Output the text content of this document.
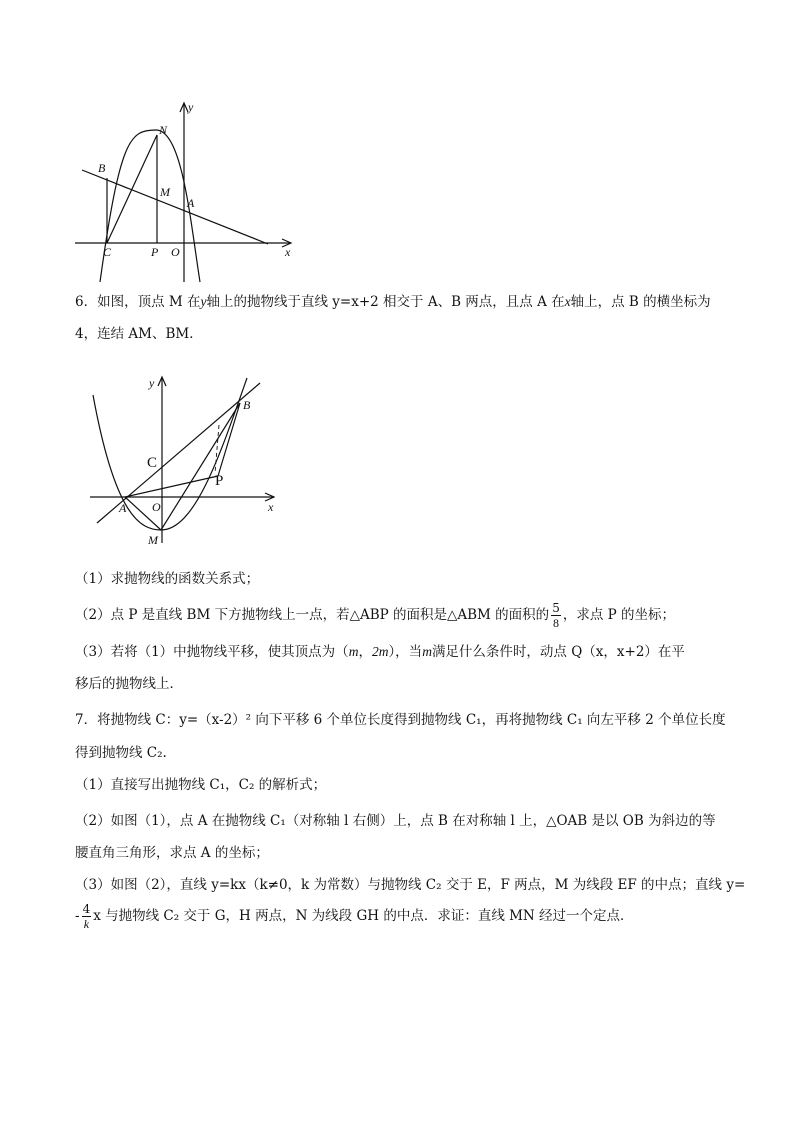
y
x
N
B
M
A
C	P O
6．如图，顶点 M 在y轴上的抛物线于直线 y=x+2 相交于 A、B 两点，且点 A 在x轴上，点 B 的横坐标为
4，连结 AM、BM．
y
x
B
C
P
A O
M
（1）求抛物线的函数关系式；
（2）点 P 是直线 BM 下方抛物线上一点，若△ABP 的面积是△ABM 的面积的 $\frac{5}{8}$ ，求点 P 的坐标；
（3）若将（1）中抛物线平移，使其顶点为（m，2m），当m满足什么条件时，动点 Q（x，x+2）在平
移后的抛物线上．
7．将抛物线 C：y=（x-2）² 向下平移 6 个单位长度得到抛物线 C₁，再将抛物线 C₁ 向左平移 2 个单位长度
得到抛物线 C₂.
（1）直接写出抛物线 C₁，C₂ 的解析式；
（2）如图（1），点 A 在抛物线 C₁（对称轴 l 右侧）上，点 B 在对称轴 l 上，△OAB 是以 OB 为斜边的等
腰直角三角形，求点 A 的坐标；
（3）如图（2），直线 y=kx（k≠0，k 为常数）与抛物线 C₂ 交于 E，F 两点，M 为线段 EF 的中点；直线 y=
- $\frac{4}{k}$ x 与抛物线 C₂ 交于 G，H 两点，N 为线段 GH 的中点．求证：直线 MN 经过一个定点．
